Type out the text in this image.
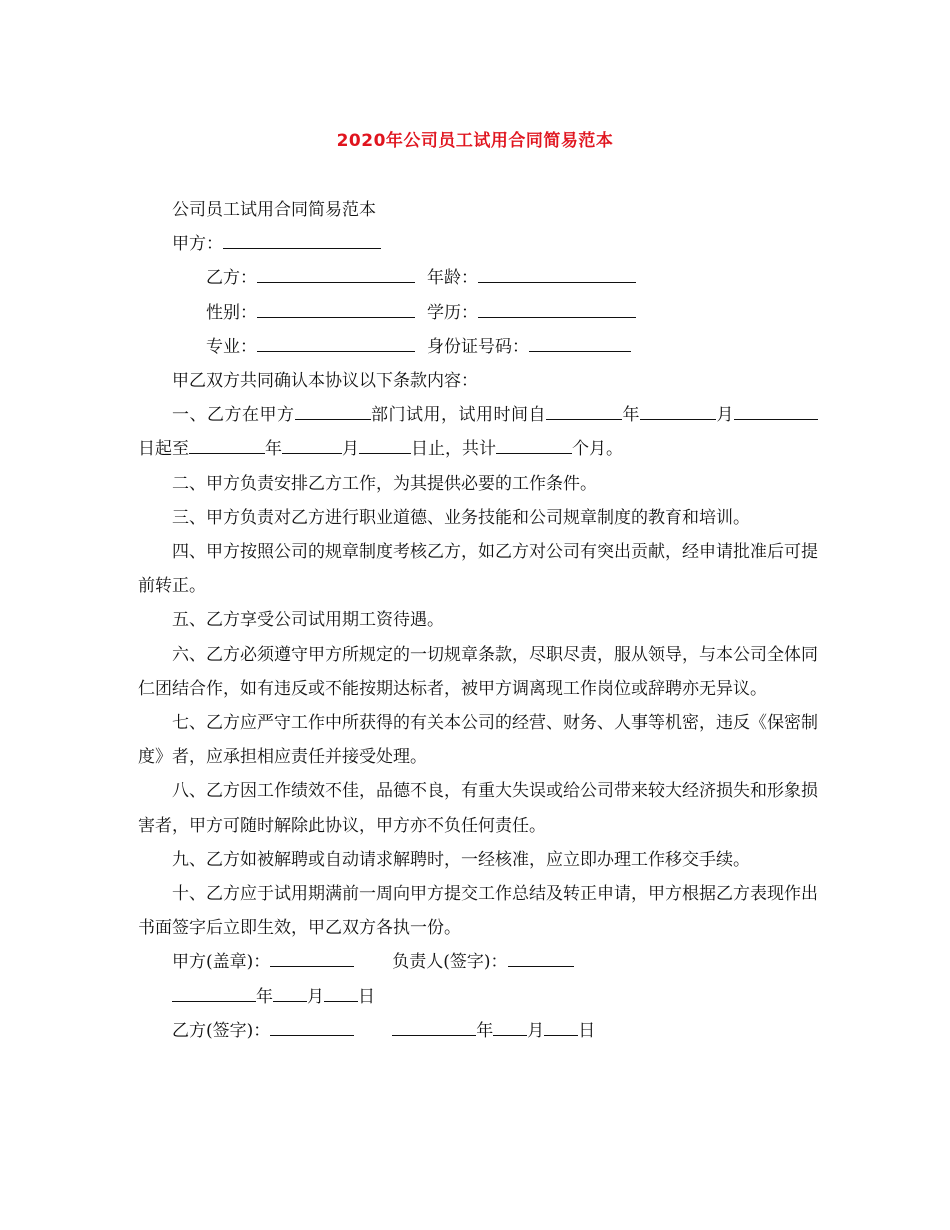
2020年公司员工试用合同简易范本

公司员工试用合同简易范本

甲方：

乙方：	年龄：

性别：	学历：

专业：	身份证号码：

甲乙双方共同确认本协议以下条款内容：

一、乙方在甲方	部门试用，试用时间自	年	月日起至	年	月	日止，共计	个月。

二、甲方负责安排乙方工作，为其提供必要的工作条件。

三、甲方负责对乙方进行职业道德、业务技能和公司规章制度的教育和培训。

四、甲方按照公司的规章制度考核乙方，如乙方对公司有突出贡献，经申请批准后可提前转正。

五、乙方享受公司试用期工资待遇。

六、乙方必须遵守甲方所规定的一切规章条款，尽职尽责，服从领导，与本公司全体同仁团结合作，如有违反或不能按期达标者，被甲方调离现工作岗位或辞聘亦无异议。

七、乙方应严守工作中所获得的有关本公司的经营、财务、人事等机密，违反《保密制度》者，应承担相应责任并接受处理。

八、乙方因工作绩效不佳，品德不良，有重大失误或给公司带来较大经济损失和形象损害者，甲方可随时解除此协议，甲方亦不负任何责任。

九、乙方如被解聘或自动请求解聘时，一经核准，应立即办理工作移交手续。

十、乙方应于试用期满前一周向甲方提交工作总结及转正申请，甲方根据乙方表现作出书面签字后立即生效，甲乙双方各执一份。

甲方(盖章)：	负责人(签字)：

年 月 日

乙方(签字)：	年 月 日
